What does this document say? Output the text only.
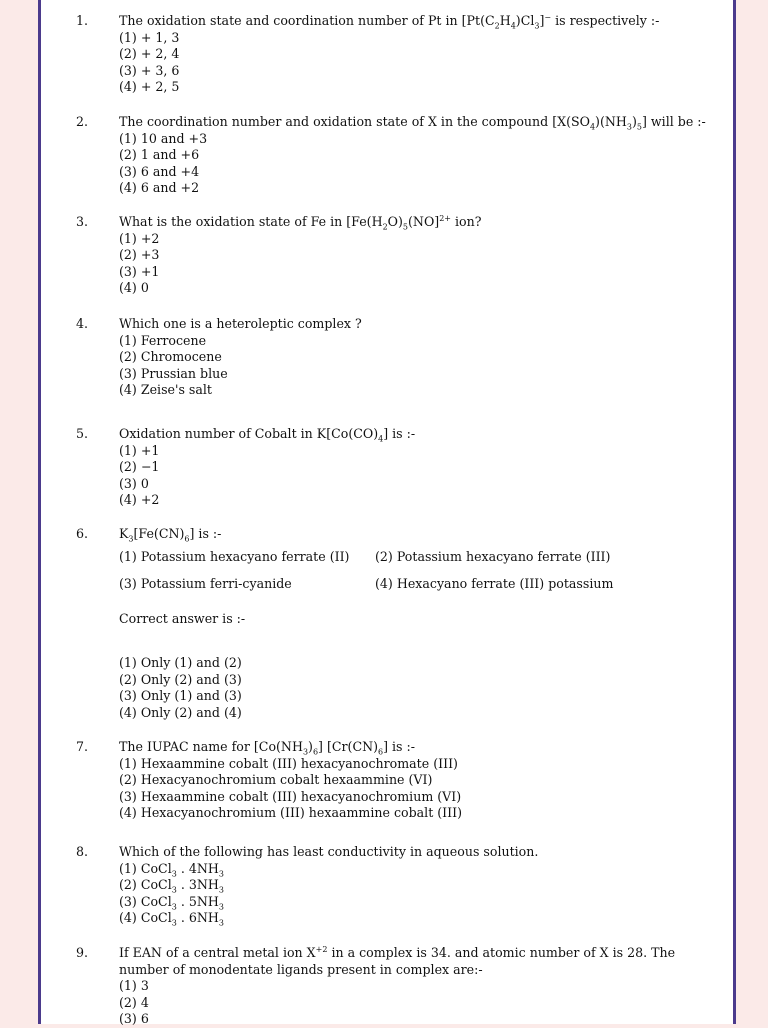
1. The oxidation state and coordination number of Pt in $[Pt(C_2H_4)Cl_3]^-$ is respectively :-
(1) + 1, 3
(2) + 2, 4
(3) + 3, 6
(4) + 2, 5
2. The coordination number and oxidation state of X in the compound $[X(SO_4)(NH_3)_5]$ will be :-
(1) 10 and +3
(2) 1 and +6
(3) 6 and +4
(4) 6 and +2
3. What is the oxidation state of Fe in [$Fe(H_2O)_5(NO]^{2+}$ ion?
(1) +2
(2) +3
(3) +1
(4) 0
4. Which one is a heteroleptic complex ?
(1) Ferrocene
(2) Chromocene
(3) Prussian blue
(4) Zeise's salt
5. Oxidation number of Cobalt in $K[Co(CO)_4]$ is :-
(1) +1
(2) −1
(3) 0
(4) +2
6. $K_3[Fe(CN)_6]$ is :-
(1) Potassium hexacyano ferrate (II) (2) Potassium hexacyano ferrate (III)
(3) Potassium ferri-cyanide	(4) Hexacyano ferrate (III) potassium
Correct answer is :-
(1) Only (1) and (2)
(2) Only (2) and (3)
(3) Only (1) and (3)
(4) Only (2) and (4)
7. The IUPAC name for $[Co(NH_3)_6]$ $[Cr(CN)_6]$ is :-
(1) Hexaammine cobalt (III) hexacyanochromate (III)
(2) Hexacyanochromium cobalt hexaammine (VI)
(3) Hexaammine cobalt (III) hexacyanochromium (VI)
(4) Hexacyanochromium (III) hexaammine cobalt (III)
8. Which of the following has least conductivity in aqueous solution.
(1) CoCl$_3$ . $4NH_3$
(2) CoCl$_3$ . $3NH_3$
(3) CoCl$_3$ . $5NH_3$
(4) CoCl$_3$ . $6NH_3$
9. If EAN of a central metal ion $X^{+2}$ in a complex is 34. and atomic number of X is 28. The number of monodentate ligands present in complex are:-
(1) 3
(2) 4
(3) 6
